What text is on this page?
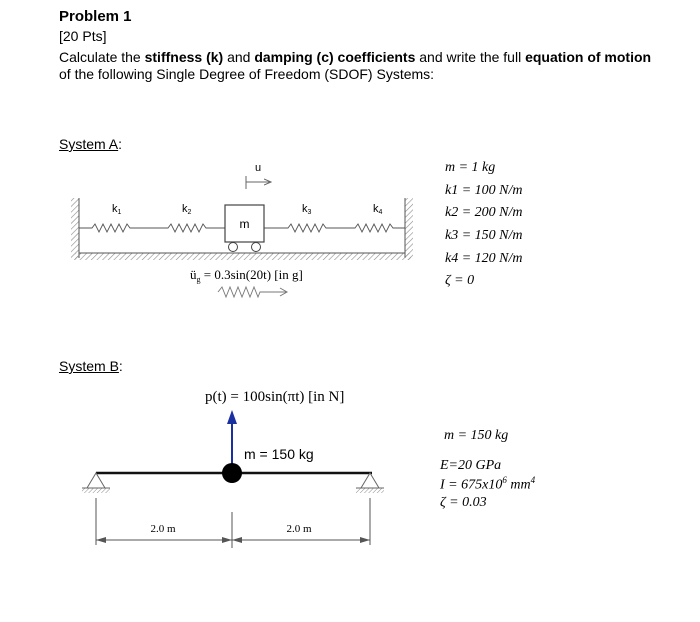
Problem 1
[20 Pts]
Calculate the stiffness (k) and damping (c) coefficients and write the full equation of motion
of the following Single Degree of Freedom (SDOF) Systems:
System A:
m
u
k1	k2	k3	k4
$ü_g = 0.3\sin(20t)$ [in g]
m = 1 kg
k1 = 100 N/m
k2 = 200 N/m
k3 = 150 N/m
k4 = 120 N/m
ζ = 0
System B:
p(t) = 100sin(πt) [in N]
m = 150 kg
2.0 m	2.0 m
m = 150 kg
E=20 GPa
$I = 675x10^6$ $mm^4$
ζ = 0.03
